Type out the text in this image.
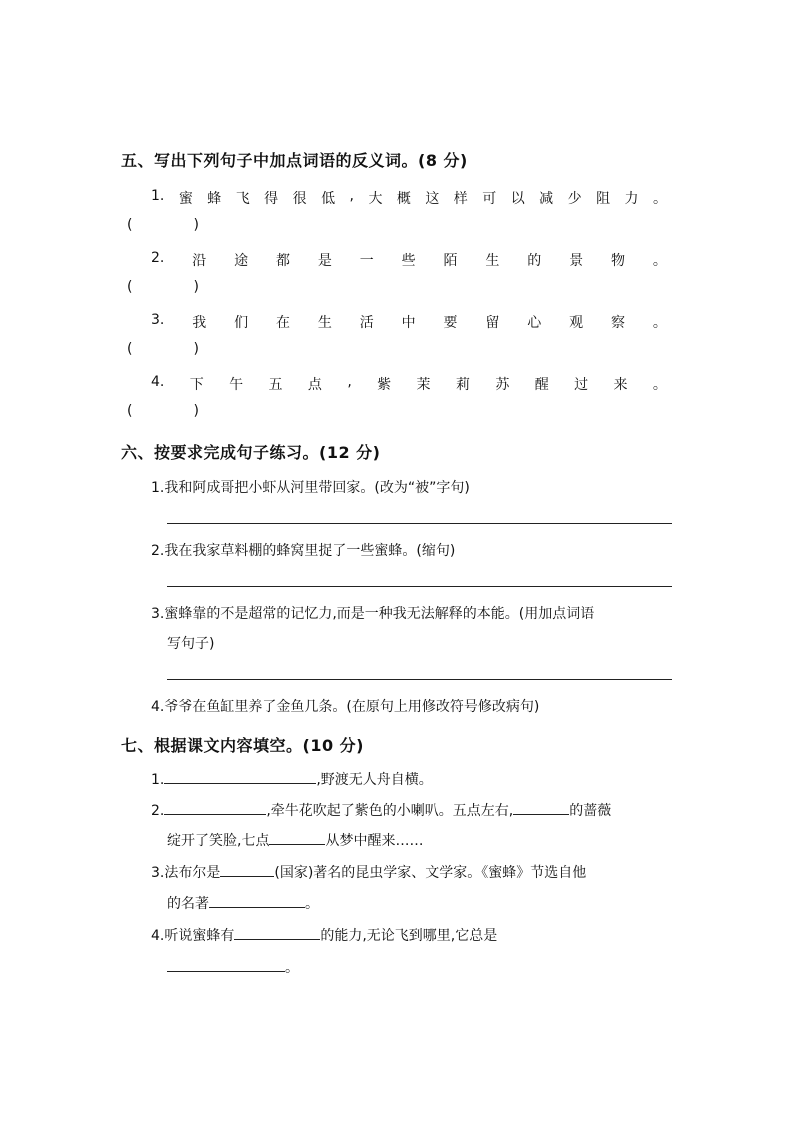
五、写出下列句子中加点词语的反义词。(8 分)
1. 蜜 蜂 飞 得 很 低 , 大 概 这 样 可 以 减 少 阻 力 。
(	)
2. 沿 途 都 是 一 些 陌 生 的 景 物 。
(	)
3. 我 们 在 生 活 中 要 留 心 观 察 。
(	)
4. 下 午 五 点 , 紫 茉 莉 苏 醒 过 来 。
(	)
六、按要求完成句子练习。(12 分)
1.我和阿成哥把小虾从河里带回家。(改为“被”字句)
2.我在我家草料棚的蜂窝里捉了一些蜜蜂。(缩句)
3.蜜蜂靠的不是超常的记忆力,而是一种我无法解释的本能。(用加点词语
写句子)
4.爷爷在鱼缸里养了金鱼几条。(在原句上用修改符号修改病句)
七、根据课文内容填空。(10 分)
1.	,野渡无人舟自横。
2.	,牵牛花吹起了紫色的小喇叭。五点左右,	的蔷薇
绽开了笑脸,七点	从梦中醒来……
3.法布尔是	(国家)著名的昆虫学家、文学家。《蜜蜂》节选自他
的名著	。
4.听说蜜蜂有	的能力,无论飞到哪里,它总是
。
